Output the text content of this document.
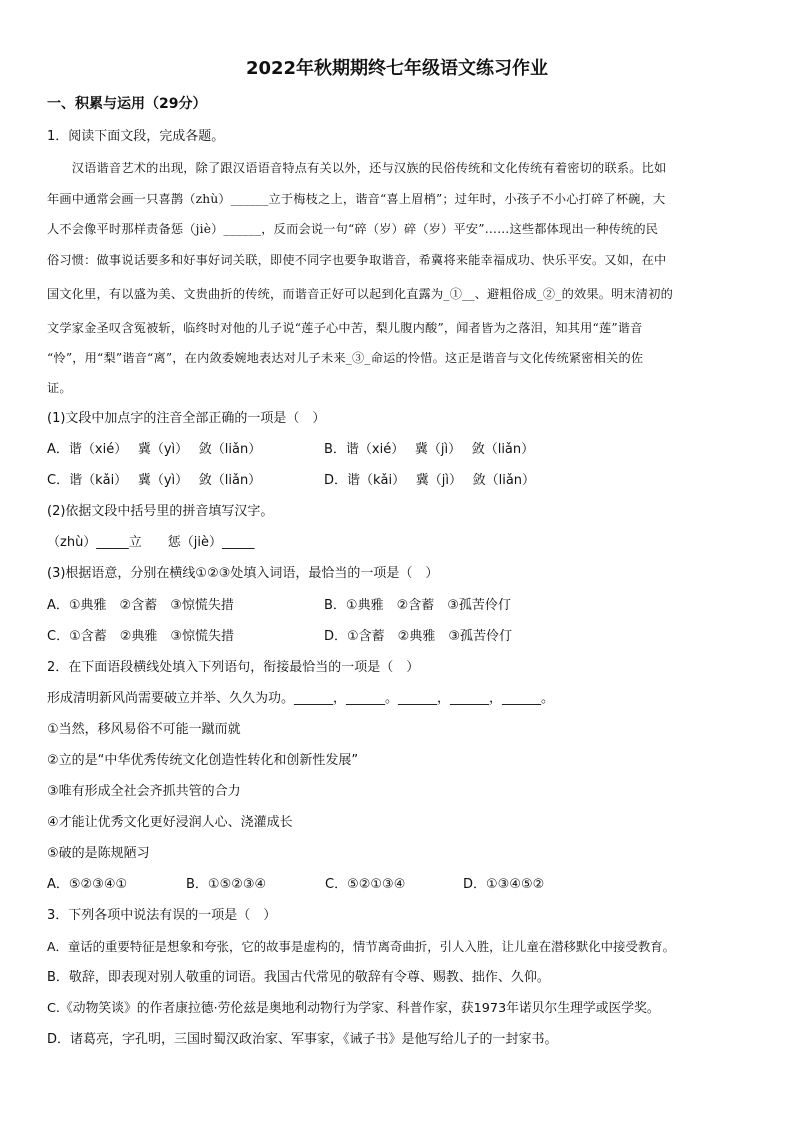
2022年秋期期终七年级语文练习作业
一、积累与运用（29分）
1．阅读下面文段，完成各题。
　　汉语谐音艺术的出现，除了跟汉语语音特点有关以外，还与汉族的民俗传统和文化传统有着密切的联系。比如
年画中通常会画一只喜鹊（zhù）______立于梅枝之上，谐音“喜上眉梢”；过年时，小孩子不小心打碎了杯碗，大
人不会像平时那样责备惩（jiè）______，反而会说一句“碎（岁）碎（岁）平安”……这些都体现出一种传统的民
俗习惯：做事说话要多和好事好词关联，即使不同字也要争取谐音，希冀将来能幸福成功、快乐平安。又如，在中
国文化里，有以盛为美、文贵曲折的传统，而谐音正好可以起到化直露为_①__、避粗俗成_②_的效果。明末清初的
文学家金圣叹含冤被斩，临终时对他的儿子说“莲子心中苦，梨儿腹内酸”，闻者皆为之落泪，知其用“莲”谐音
“怜”，用“梨”谐音“离”，在内敛委婉地表达对儿子未来_③_命运的怜惜。这正是谐音与文化传统紧密相关的佐
证。
(1)文段中加点字的注音全部正确的一项是（　）
A．谐（xié）　 冀（yì）　 敛（liǎn）	B．谐（xié）　 冀（jì）　 敛（liǎn）
C．谐（kǎi）　 冀（yì）　 敛（liǎn）	D．谐（kǎi）　 冀（jì）　 敛（liǎn）
(2)依据文段中括号里的拼音填写汉字。
（zhù）_____立　　惩（jiè）_____
(3)根据语意，分别在横线①②③处填入词语，最恰当的一项是（　）
A．①典雅　②含蓄　③惊慌失措	B．①典雅　②含蓄　③孤苦伶仃
C．①含蓄　②典雅　③惊慌失措	D．①含蓄　②典雅　③孤苦伶仃
2．在下面语段横线处填入下列语句，衔接最恰当的一项是（　）
形成清明新风尚需要破立并举、久久为功。______，______。______，______，______。
①当然，移风易俗不可能一蹴而就
②立的是“中华优秀传统文化创造性转化和创新性发展”
③唯有形成全社会齐抓共管的合力
④才能让优秀文化更好浸润人心、浇灌成长
⑤破的是陈规陋习
A．⑤②③④①	B．①⑤②③④	C．⑤②①③④	D．①③④⑤②
3．下列各项中说法有误的一项是（　）
A．童话的重要特征是想象和夸张，它的故事是虚构的，情节离奇曲折，引人入胜，让儿童在潜移默化中接受教育。
B．敬辞，即表现对别人敬重的词语。我国古代常见的敬辞有令尊、赐教、拙作、久仰。
C.《动物笑谈》的作者康拉德·劳伦兹是奥地利动物行为学家、科普作家，获1973年诺贝尔生理学或医学奖。
D．诸葛亮，字孔明，三国时蜀汉政治家、军事家，《诫子书》是他写给儿子的一封家书。
